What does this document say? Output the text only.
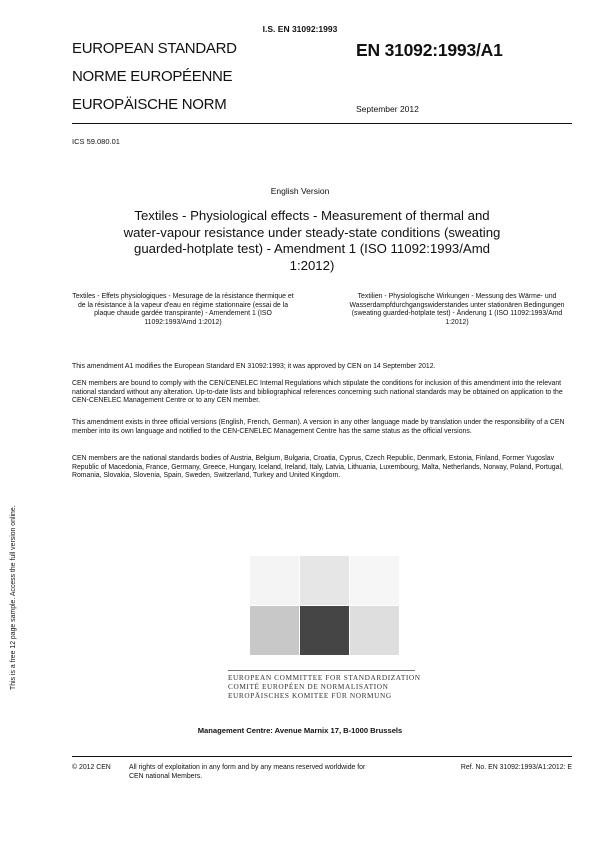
I.S. EN 31092:1993
EUROPEAN STANDARD
NORME EUROPÉENNE
EUROPÄISCHE NORM
EN 31092:1993/A1
September 2012
ICS 59.080.01
English Version
Textiles - Physiological effects - Measurement of thermal and water-vapour resistance under steady-state conditions (sweating guarded-hotplate test) - Amendment 1 (ISO 11092:1993/Amd 1:2012)
Textiles - Effets physiologiques - Mesurage de la résistance thermique et de la résistance à la vapeur d'eau en régime stationnaire (essai de la plaque chaude gardée transpirante) - Amendement 1 (ISO 11092:1993/Amd 1:2012)
Textilien - Physiologische Wirkungen - Messung des Wärme- und Wasserdampfdurchgangswiderstandes unter stationären Bedingungen (sweating guarded-hotplate test) - Änderung 1 (ISO 11092:1993/Amd 1:2012)
This amendment A1 modifies the European Standard EN 31092:1993; it was approved by CEN on 14 September 2012.
CEN members are bound to comply with the CEN/CENELEC Internal Regulations which stipulate the conditions for inclusion of this amendment into the relevant national standard without any alteration. Up-to-date lists and bibliographical references concerning such national standards may be obtained on application to the CEN-CENELEC Management Centre or to any CEN member.
This amendment exists in three official versions (English, French, German). A version in any other language made by translation under the responsibility of a CEN member into its own language and notified to the CEN-CENELEC Management Centre has the same status as the official versions.
CEN members are the national standards bodies of Austria, Belgium, Bulgaria, Croatia, Cyprus, Czech Republic, Denmark, Estonia, Finland, Former Yugoslav Republic of Macedonia, France, Germany, Greece, Hungary, Iceland, Ireland, Italy, Latvia, Lithuania, Luxembourg, Malta, Netherlands, Norway, Poland, Portugal, Romania, Slovakia, Slovenia, Spain, Sweden, Switzerland, Turkey and United Kingdom.
EUROPEAN COMMITTEE FOR STANDARDIZATION
COMITÉ EUROPÉEN DE NORMALISATION
EUROPÄISCHES KOMITEE FÜR NORMUNG
Management Centre: Avenue Marnix 17, B-1000 Brussels
© 2012 CEN	All rights of exploitation in any form and by any means reserved worldwide for CEN national Members.
Ref. No. EN 31092:1993/A1:2012: E
This is a free 12 page sample. Access the full version online.
